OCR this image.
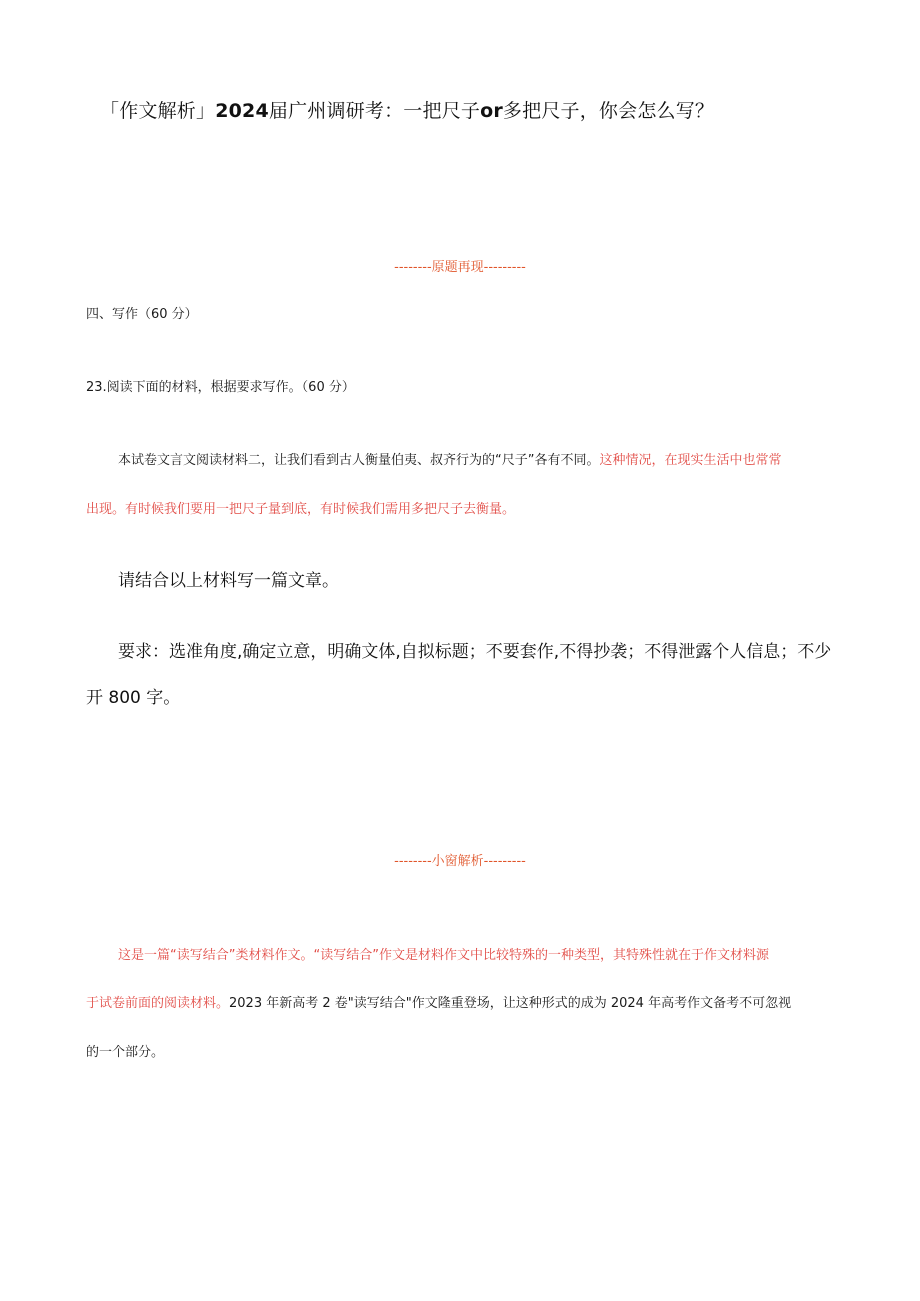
「作文解析」2024届广州调研考：一把尺子or多把尺子，你会怎么写？
--------原题再现---------
四、写作（60 分）
23.阅读下面的材料，根据要求写作。（60 分）
本试卷文言文阅读材料二，让我们看到古人衡量伯夷、叔齐行为的“尺子”各有不同。这种情况，在现实生活中也常常
出现。有时候我们要用一把尺子量到底，有时候我们需用多把尺子去衡量。
请结合以上材料写一篇文章。
要求：选准角度,确定立意，明确文体,自拟标题；不要套作,不得抄袭；不得泄露个人信息；不少
开 800 字。
--------小窗解析---------
这是一篇“读写结合”类材料作文。“读写结合”作文是材料作文中比较特殊的一种类型，其特殊性就在于作文材料源
于试卷前面的阅读材料。2023 年新高考 2 卷"读写结合"作文隆重登场，让这种形式的成为 2024 年高考作文备考不可忽视
的一个部分。
